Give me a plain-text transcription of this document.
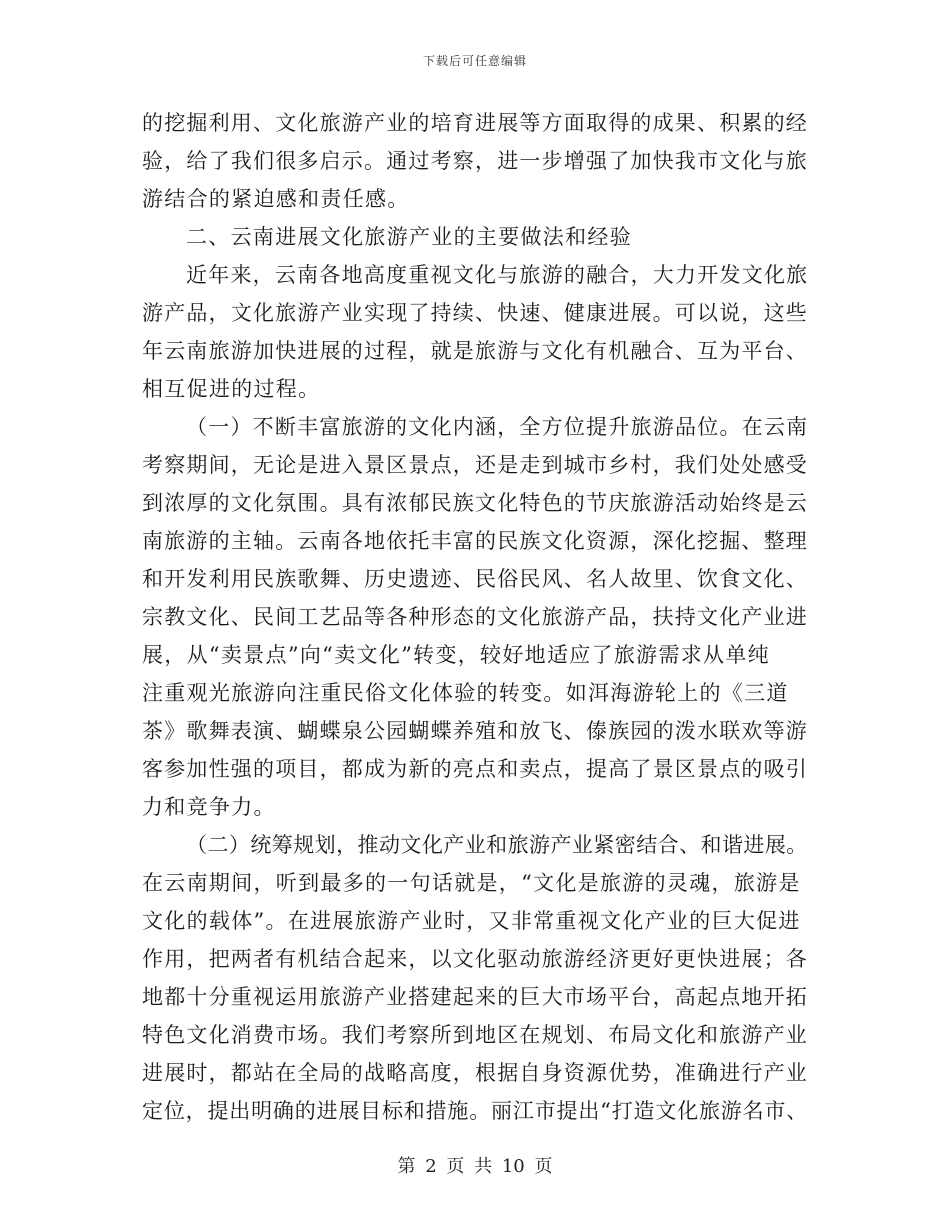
下载后可任意编辑
的挖掘利用、文化旅游产业的培育进展等方面取得的成果、积累的经
验，给了我们很多启示。通过考察，进一步增强了加快我市文化与旅
游结合的紧迫感和责任感。
二、云南进展文化旅游产业的主要做法和经验
近年来，云南各地高度重视文化与旅游的融合，大力开发文化旅
游产品，文化旅游产业实现了持续、快速、健康进展。可以说，这些
年云南旅游加快进展的过程，就是旅游与文化有机融合、互为平台、
相互促进的过程。
（一）不断丰富旅游的文化内涵，全方位提升旅游品位。在云南
考察期间，无论是进入景区景点，还是走到城市乡村，我们处处感受
到浓厚的文化氛围。具有浓郁民族文化特色的节庆旅游活动始终是云
南旅游的主轴。云南各地依托丰富的民族文化资源，深化挖掘、整理
和开发利用民族歌舞、历史遗迹、民俗民风、名人故里、饮食文化、
宗教文化、民间工艺品等各种形态的文化旅游产品，扶持文化产业进
展，从“卖景点”向“卖文化”转变，较好地适应了旅游需求从单纯
注重观光旅游向注重民俗文化体验的转变。如洱海游轮上的《三道
茶》歌舞表演、蝴蝶泉公园蝴蝶养殖和放飞、傣族园的泼水联欢等游
客参加性强的项目，都成为新的亮点和卖点，提高了景区景点的吸引
力和竞争力。
（二）统筹规划，推动文化产业和旅游产业紧密结合、和谐进展。
在云南期间，听到最多的一句话就是，“文化是旅游的灵魂，旅游是
文化的载体”。在进展旅游产业时，又非常重视文化产业的巨大促进
作用，把两者有机结合起来，以文化驱动旅游经济更好更快进展；各
地都十分重视运用旅游产业搭建起来的巨大市场平台，高起点地开拓
特色文化消费市场。我们考察所到地区在规划、布局文化和旅游产业
进展时，都站在全局的战略高度，根据自身资源优势，准确进行产业
定位，提出明确的进展目标和措施。丽江市提出“打造文化旅游名市、
第 2 页 共 10 页
